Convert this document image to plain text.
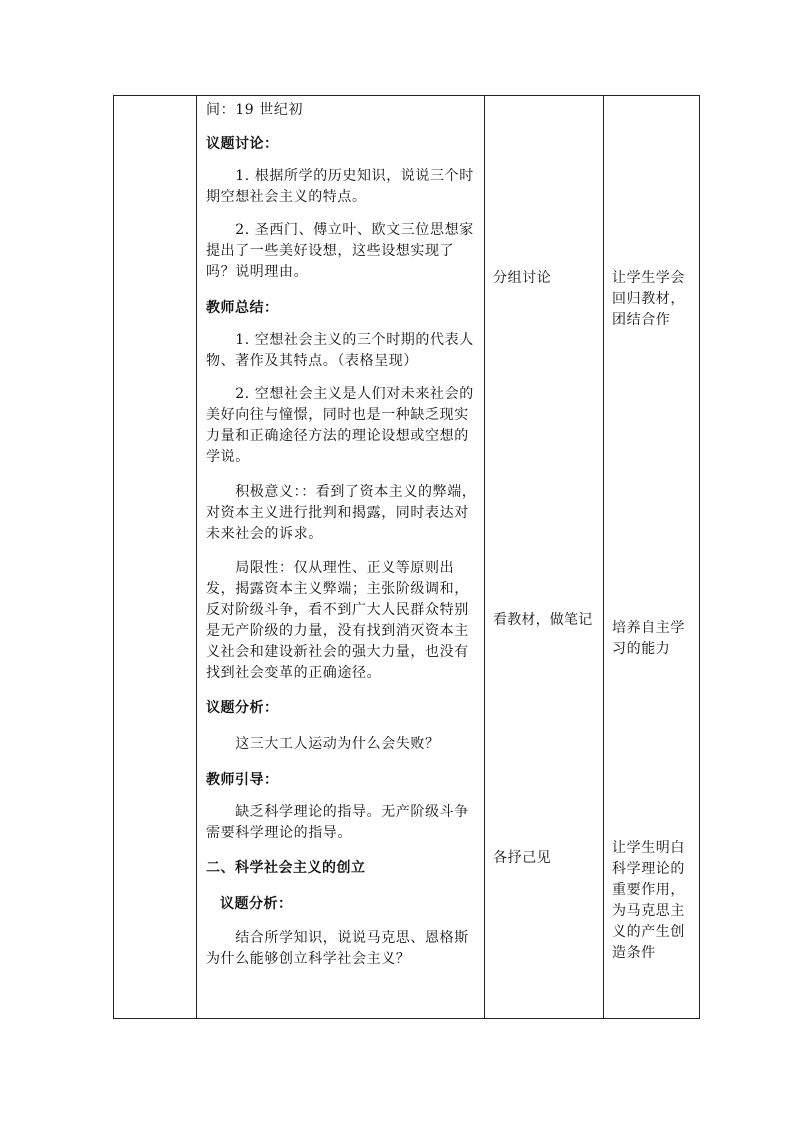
间：19 世纪初
议题讨论：
　　1. 根据所学的历史知识，说说三个时期空想社会主义的特点。
　　2. 圣西门、傅立叶、欧文三位思想家提出了一些美好设想，这些设想实现了吗？说明理由。
教师总结：
　　1. 空想社会主义的三个时期的代表人物、著作及其特点。（表格呈现）
　　2. 空想社会主义是人们对未来社会的美好向往与憧憬，同时也是一种缺乏现实力量和正确途径方法的理论设想或空想的学说。
　　积极意义：：看到了资本主义的弊端，对资本主义进行批判和揭露，同时表达对未来社会的诉求。
　　局限性：仅从理性、正义等原则出发，揭露资本主义弊端；主张阶级调和，反对阶级斗争，看不到广大人民群众特别是无产阶级的力量，没有找到消灭资本主义社会和建设新社会的强大力量，也没有找到社会变革的正确途径。
议题分析：
　　这三大工人运动为什么会失败？
教师引导：
　　缺乏科学理论的指导。无产阶级斗争需要科学理论的指导。
二、科学社会主义的创立
议题分析：
　　结合所学知识，说说马克思、恩格斯为什么能够创立科学社会主义？
分组讨论
看教材，做笔记
各抒己见
让学生学会回归教材，团结合作
培养自主学习的能力
让学生明白科学理论的重要作用，为马克思主义的产生创造条件
